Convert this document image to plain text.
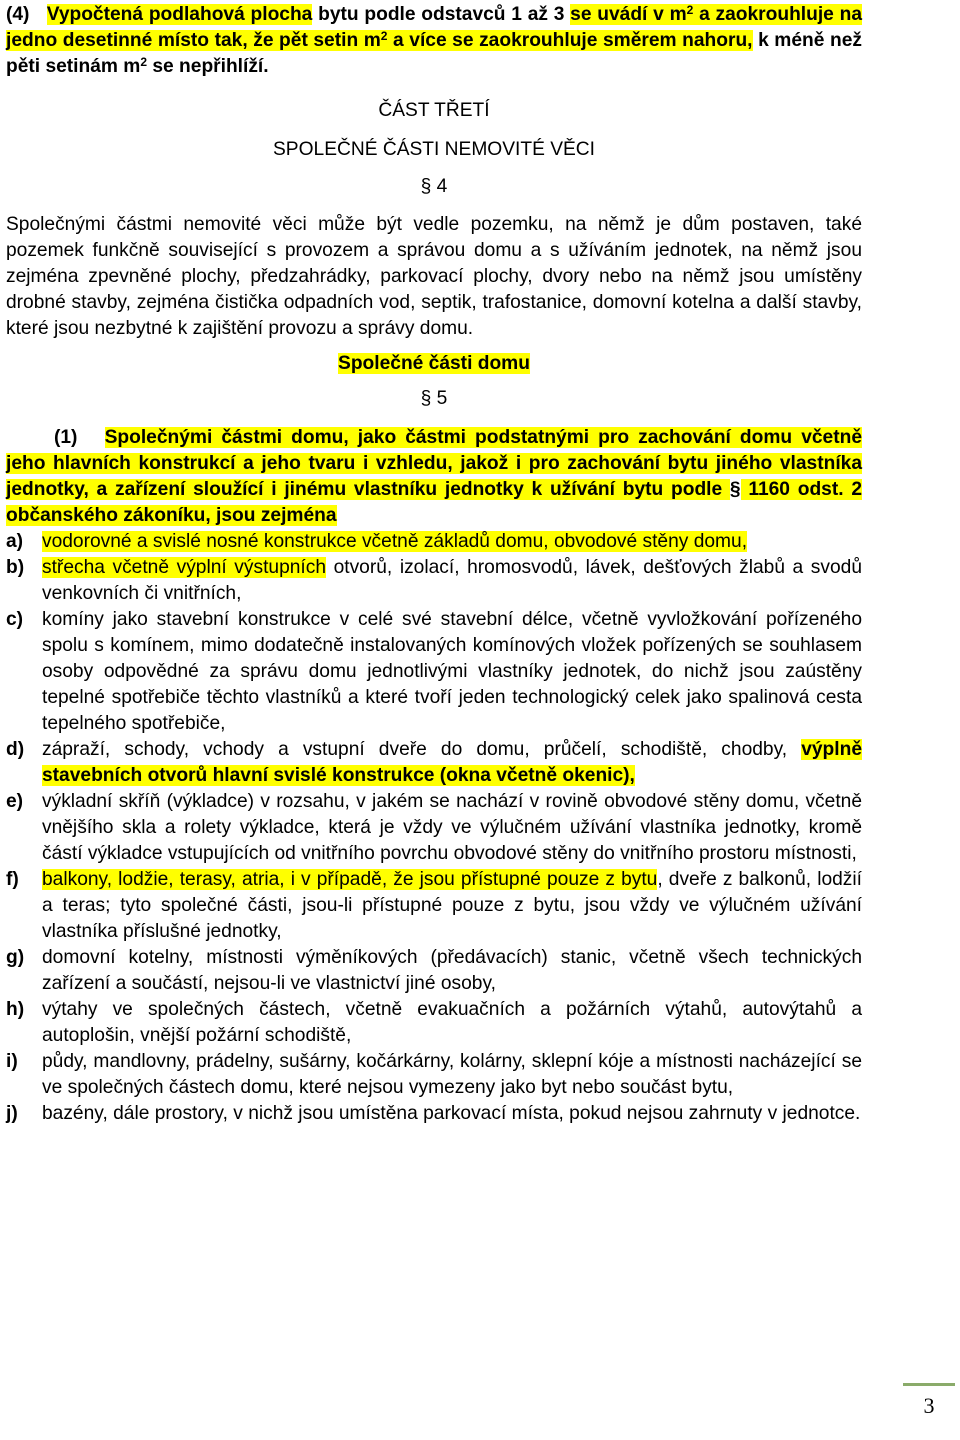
(4) Vypočtená podlahová plocha bytu podle odstavců 1 až 3 se uvádí v $m^2$ a zaokrouhluje na jedno desetinné místo tak, že pět setin $m^2$ a více se zaokrouhluje směrem nahoru, k méně než pěti setinám $m^2$ se nepřihlíží.

ČÁST TŘETÍ

SPOLEČNÉ ČÁSTI NEMOVITÉ VĚCI

§ 4

Společnými částmi nemovité věci může být vedle pozemku, na němž je dům postaven, také pozemek funkčně související s provozem a správou domu a s užíváním jednotek, na němž jsou zejména zpevněné plochy, předzahrádky, parkovací plochy, dvory nebo na němž jsou umístěny drobné stavby, zejména čistička odpadních vod, septik, trafostanice, domovní kotelna a další stavby, které jsou nezbytné k zajištění provozu a správy domu.

Společné části domu

§ 5

(1) Společnými částmi domu, jako částmi podstatnými pro zachování domu včetně jeho hlavních konstrukcí a jeho tvaru i vzhledu, jakož i pro zachování bytu jiného vlastníka jednotky, a zařízení sloužící i jinému vlastníku jednotky k užívání bytu podle § 1160 odst. 2 občanského zákoníku, jsou zejména

a) vodorovné a svislé nosné konstrukce včetně základů domu, obvodové stěny domu,
b) střecha včetně výplní výstupních otvorů, izolací, hromosvodů, lávek, dešťových žlabů a svodů venkovních či vnitřních,
c) komíny jako stavební konstrukce v celé své stavební délce, včetně vyvložkování pořízeného spolu s komínem, mimo dodatečně instalovaných komínových vložek pořízených se souhlasem osoby odpovědné za správu domu jednotlivými vlastníky jednotek, do nichž jsou zaústěny tepelné spotřebiče těchto vlastníků a které tvoří jeden technologický celek jako spalinová cesta tepelného spotřebiče,
d) zápraží, schody, vchody a vstupní dveře do domu, průčelí, schodiště, chodby, výplně stavebních otvorů hlavní svislé konstrukce (okna včetně okenic),
e) výkladní skříň (výkladce) v rozsahu, v jakém se nachází v rovině obvodové stěny domu, včetně vnějšího skla a rolety výkladce, která je vždy ve výlučném užívání vlastníka jednotky, kromě částí výkladce vstupujících od vnitřního povrchu obvodové stěny do vnitřního prostoru místnosti,
f)	balkony, lodžie, terasy, atria, i v případě, že jsou přístupné pouze z bytu, dveře z balkonů, lodžií a teras; tyto společné části, jsou-li přístupné pouze z bytu, jsou vždy ve výlučném užívání vlastníka příslušné jednotky,
g) domovní kotelny, místnosti výměníkových (předávacích) stanic, včetně všech technických zařízení a součástí, nejsou-li ve vlastnictví jiné osoby,
h) výtahy ve společných částech, včetně evakuačních a požárních výtahů, autovýtahů a autoplošin, vnější požární schodiště,
i)	půdy, mandlovny, prádelny, sušárny, kočárkárny, kolárny, sklepní kóje a místnosti nacházející se ve společných částech domu, které nejsou vymezeny jako byt nebo součást bytu,
j)	bazény, dále prostory, v nichž jsou umístěna parkovací místa, pokud nejsou zahrnuty v jednotce.
3
